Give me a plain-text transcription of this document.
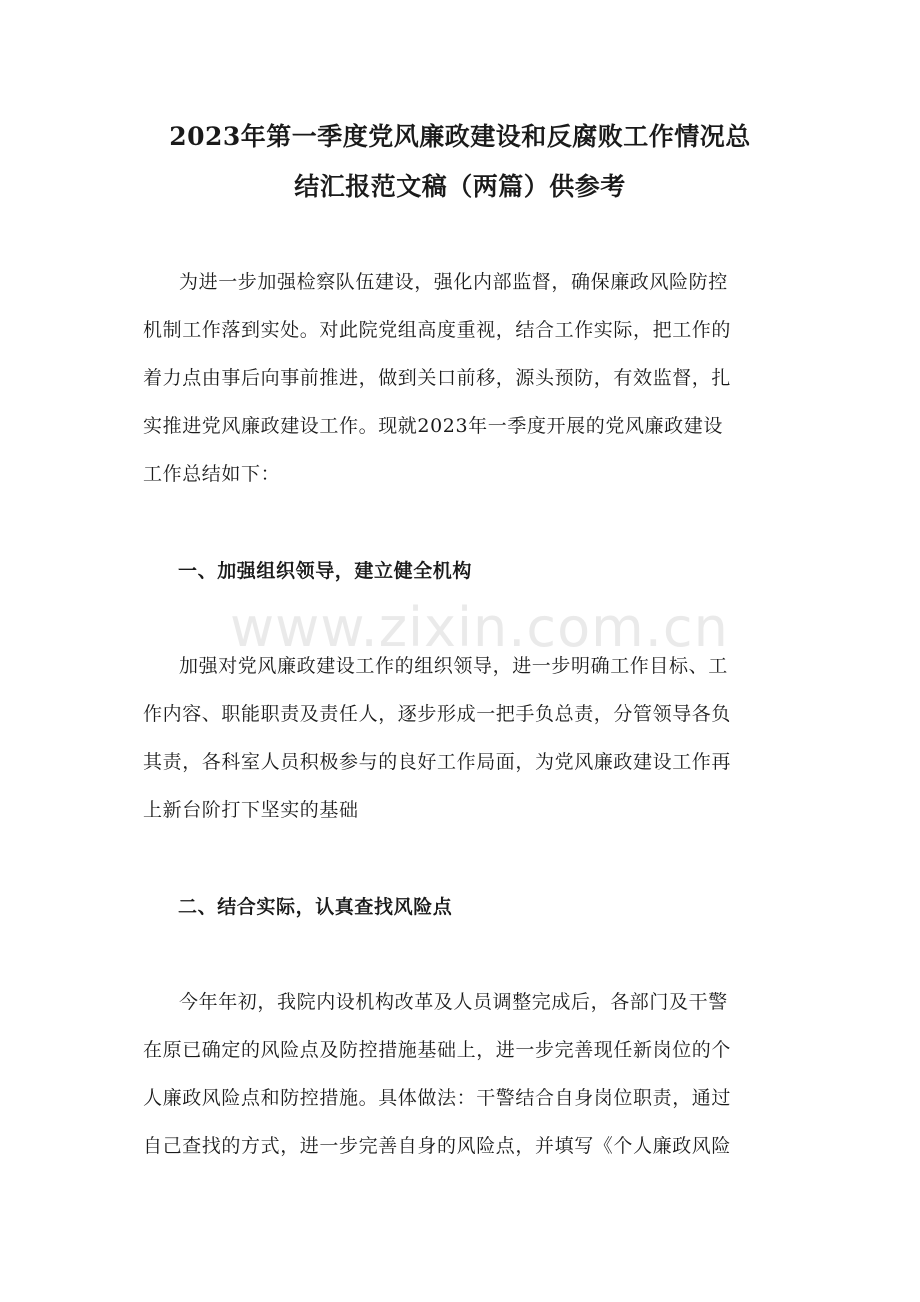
2023年第一季度党风廉政建设和反腐败工作情况总
结汇报范文稿（两篇）供参考
为进一步加强检察队伍建设，强化内部监督，确保廉政风险防控
机制工作落到实处。对此院党组高度重视，结合工作实际，把工作的
着力点由事后向事前推进，做到关口前移，源头预防，有效监督，扎
实推进党风廉政建设工作。现就2023年一季度开展的党风廉政建设
工作总结如下：
一、加强组织领导，建立健全机构
加强对党风廉政建设工作的组织领导，进一步明确工作目标、工
作内容、职能职责及责任人，逐步形成一把手负总责，分管领导各负
其责，各科室人员积极参与的良好工作局面，为党风廉政建设工作再
上新台阶打下坚实的基础
二、结合实际，认真查找风险点
今年年初，我院内设机构改革及人员调整完成后，各部门及干警
在原已确定的风险点及防控措施基础上，进一步完善现任新岗位的个
人廉政风险点和防控措施。具体做法：干警结合自身岗位职责，通过
自己查找的方式，进一步完善自身的风险点，并填写《个人廉政风险
www.zixin.com.cn
